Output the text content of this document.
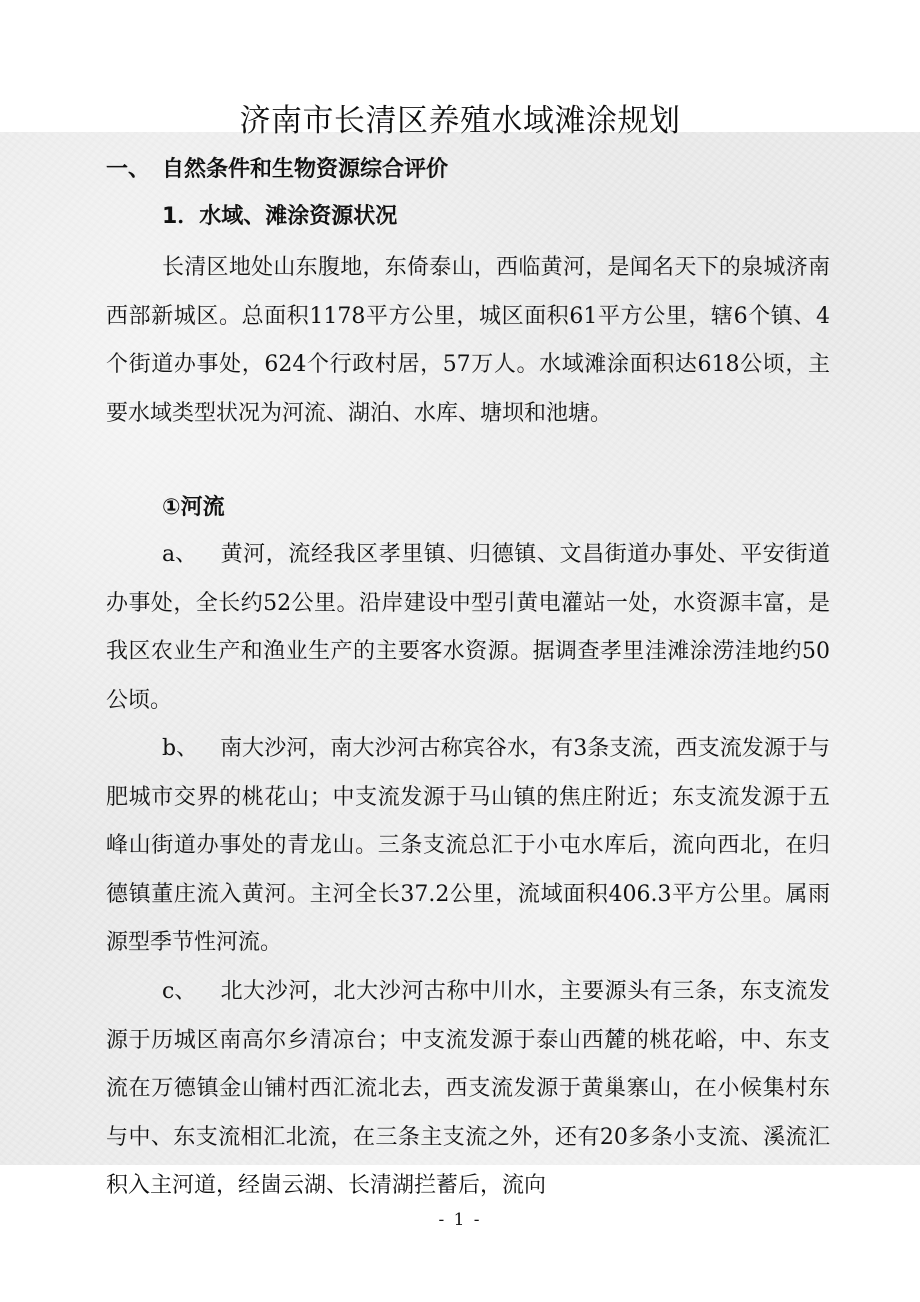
济南市长清区养殖水域滩涂规划
一、 自然条件和生物资源综合评价
1．水域、滩涂资源状况

长清区地处山东腹地，东倚泰山，西临黄河，是闻名天下的泉城济南西部新城区。总面积1178平方公里，城区面积61平方公里，辖6个镇、4个街道办事处，624个行政村居，57万人。水域滩涂面积达618公顷，主要水域类型状况为河流、湖泊、水库、塘坝和池塘。

①河流

a、 黄河，流经我区孝里镇、归德镇、文昌街道办事处、平安街道办事处，全长约52公里。沿岸建设中型引黄电灌站一处，水资源丰富，是我区农业生产和渔业生产的主要客水资源。据调查孝里洼滩涂涝洼地约50公顷。

b、 南大沙河，南大沙河古称宾谷水，有3条支流，西支流发源于与肥城市交界的桃花山；中支流发源于马山镇的焦庄附近；东支流发源于五峰山街道办事处的青龙山。三条支流总汇于小屯水库后，流向西北，在归德镇董庄流入黄河。主河全长37.2公里，流域面积406.3平方公里。属雨源型季节性河流。

c、 北大沙河，北大沙河古称中川水，主要源头有三条，东支流发源于历城区南高尔乡清凉台；中支流发源于泰山西麓的桃花峪，中、东支流在万德镇金山铺村西汇流北去，西支流发源于黄巢寨山，在小候集村东与中、东支流相汇北流，在三条主支流之外，还有20多条小支流、溪流汇积入主河道，经崮云湖、长清湖拦蓄后，流向

- 1 -
